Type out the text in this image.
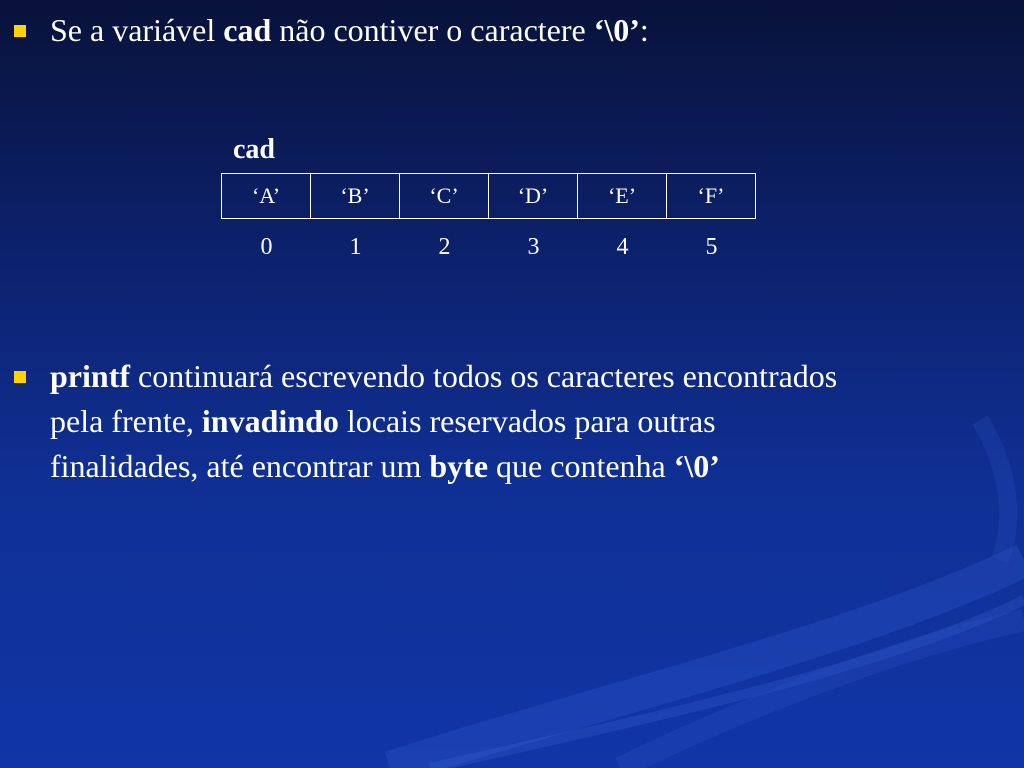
Se a variável cad não contiver o caractere ‘\0’:
cad
‘A’	‘B’	‘C’	‘D’	‘E’	‘F’
0	1	2	3	4	5
printf continuará escrevendo todos os caracteres encontrados
pela frente, invadindo locais reservados para outras
finalidades, até encontrar um byte que contenha ‘\0’
